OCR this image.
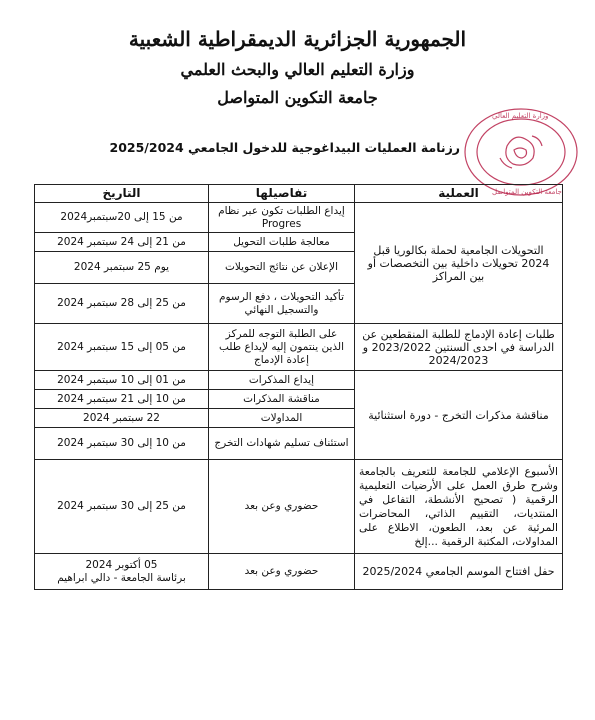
الجمهورية الجزائرية الديمقراطية الشعبية
وزارة التعليم العالي والبحث العلمي
جامعة التكوين المتواصل
وزارة التعليم العالي
جامعة التكوين المتواصل
رزنامة العمليات البيداغوجية للدخول الجامعي 2025/2024
العملية	تفاصيلها	التاريخ
التحويلات الجامعية لحملة بكالوريا قبل 2024 تحويلات داخلية بين التخصصات أو بين المراكز	إيداع الطلبات تكون عبر نظام Progres	من 15 إلى 20سبتمبر2024
	معالجة طلبات التحويل	من 21 إلى 24 سبتمبر 2024
	الإعلان عن نتائج التحويلات	يوم 25 سبتمبر 2024
	تأكيد التحويلات ، دفع الرسوم والتسجيل النهائي	من 25 إلى 28 سبتمبر 2024
طلبات إعادة الإدماج للطلبة المنقطعين عن الدراسة في احدى السنتين 2023/2022 و 2024/2023	على الطلبة التوجه للمركز الذين ينتمون إليه لإيداع طلب إعادة الإدماج	من 05 إلى 15 سبتمبر 2024
مناقشة مذكرات التخرج - دورة استثنائية	إيداع المذكرات	من 01 إلى 10 سبتمبر 2024
	مناقشة المذكرات	من 10 إلى 21 سبتمبر 2024
	المداولات	22 سبتمبر 2024
	استئناف تسليم شهادات التخرج	من 10 إلى 30 سبتمبر 2024
الأسبوع الإعلامي للجامعة للتعريف بالجامعة وشرح طرق العمل على الأرضيات التعليمية الرقمية ( تصحيح الأنشطة، التفاعل في المنتديات، التقييم الذاتي، المحاضرات المرئية عن بعد، الطعون، الاطلاع على المداولات، المكتبة الرقمية ...إلخ	حضوري وعن بعد	من 25 إلى 30 سبتمبر 2024
حفل افتتاح الموسم الجامعي 2025/2024	حضوري وعن بعد	05 أكتوبر 2024
برئاسة الجامعة - دالي ابراهيم
